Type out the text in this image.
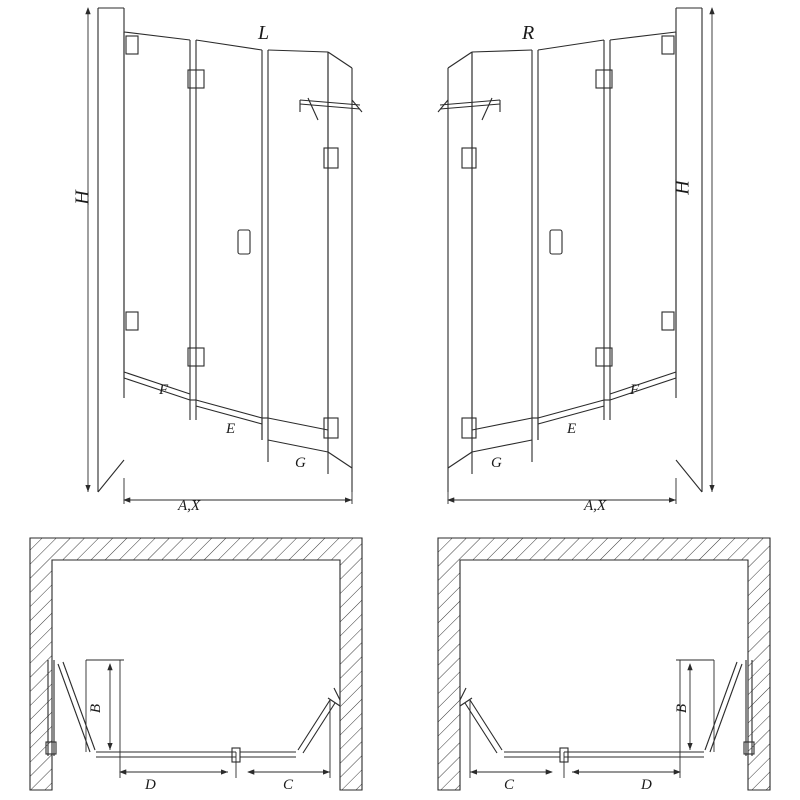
L	R
H
H
F
E
G
F
E
G
A,X	A,X
B
D	C
B
C	D
